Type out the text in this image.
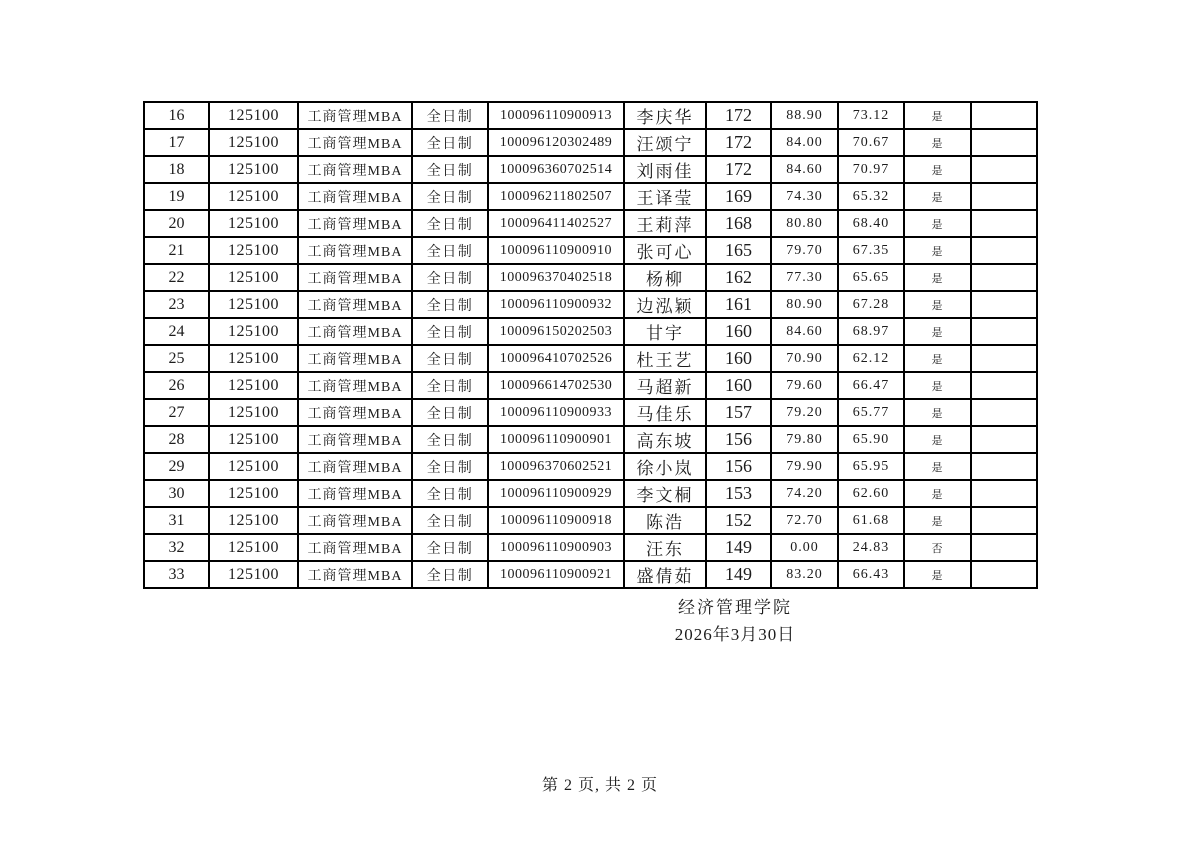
16	125100	工商管理MBA	全日制	100096110900913	李庆华	172	88.90	73.12	是	
17	125100	工商管理MBA	全日制	100096120302489	汪颂宁	172	84.00	70.67	是	
18	125100	工商管理MBA	全日制	100096360702514	刘雨佳	172	84.60	70.97	是	
19	125100	工商管理MBA	全日制	100096211802507	王译莹	169	74.30	65.32	是	
20	125100	工商管理MBA	全日制	100096411402527	王莉萍	168	80.80	68.40	是	
21	125100	工商管理MBA	全日制	100096110900910	张可心	165	79.70	67.35	是	
22	125100	工商管理MBA	全日制	100096370402518	杨柳	162	77.30	65.65	是	
23	125100	工商管理MBA	全日制	100096110900932	边泓颖	161	80.90	67.28	是	
24	125100	工商管理MBA	全日制	100096150202503	甘宇	160	84.60	68.97	是	
25	125100	工商管理MBA	全日制	100096410702526	杜王艺	160	70.90	62.12	是	
26	125100	工商管理MBA	全日制	100096614702530	马超新	160	79.60	66.47	是	
27	125100	工商管理MBA	全日制	100096110900933	马佳乐	157	79.20	65.77	是	
28	125100	工商管理MBA	全日制	100096110900901	高东坡	156	79.80	65.90	是	
29	125100	工商管理MBA	全日制	100096370602521	徐小岚	156	79.90	65.95	是	
30	125100	工商管理MBA	全日制	100096110900929	李文桐	153	74.20	62.60	是	
31	125100	工商管理MBA	全日制	100096110900918	陈浩	152	72.70	61.68	是	
32	125100	工商管理MBA	全日制	100096110900903	汪东	149	0.00	24.83	否	
33	125100	工商管理MBA	全日制	100096110900921	盛倩茹	149	83.20	66.43	是	
经济管理学院
2026年3月30日
第 2 页, 共 2 页
